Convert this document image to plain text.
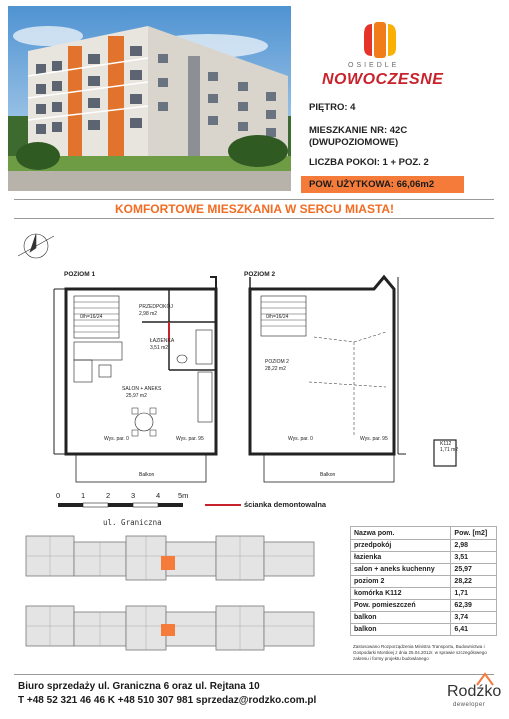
OSIEDLE
NOWOCZESNE
PIĘTRO: 4
MIESZKANIE NR: 42C
(DWUPOZIOMOWE)
LICZBA POKOI: 1 + POZ. 2
POW. UŻYTKOWA: 66,06m2
KOMFORTOWE MIESZKANIA W SERCU MIASTA!
POZIOM 1	POZIOM 2
PRZEDPOKÓJ
2,98 m2
ŁAZIENKA
3,51 m2
SALON + ANEKS
25,97 m2
POZIOM 2
28,22 m2
K112
1,71 m2
Balkon	Balkon
Wys. par. 0	Wys. par. 95	Wys. par. 0	Wys. par. 95
0/h=16/24	0/h=16/24
0	1	2	3	4 5m
ścianka demontowalna
ul. Graniczna
Nazwa pom.	Pow. [m2]
przedpokój	2,98
łazienka	3,51
salon + aneks kuchenny	25,97
poziom 2	28,22
komórka K112	1,71
Pow. pomieszczeń	62,39
balkon	3,74
balkon	6,41
Zastosowano Rozporządzenia Ministra Transportu, Budownictwa i Gospodarki Morskiej z dnia 25.04.2012r. w sprawie szczegółowego zakresu i formy projektu budowlanego
Biuro sprzedaży ul. Graniczna 6 oraz ul. Rejtana 10
T +48 52 321 46 46 K +48 510 307 981 sprzedaz@rodzko.com.pl
Rodźko
deweloper
